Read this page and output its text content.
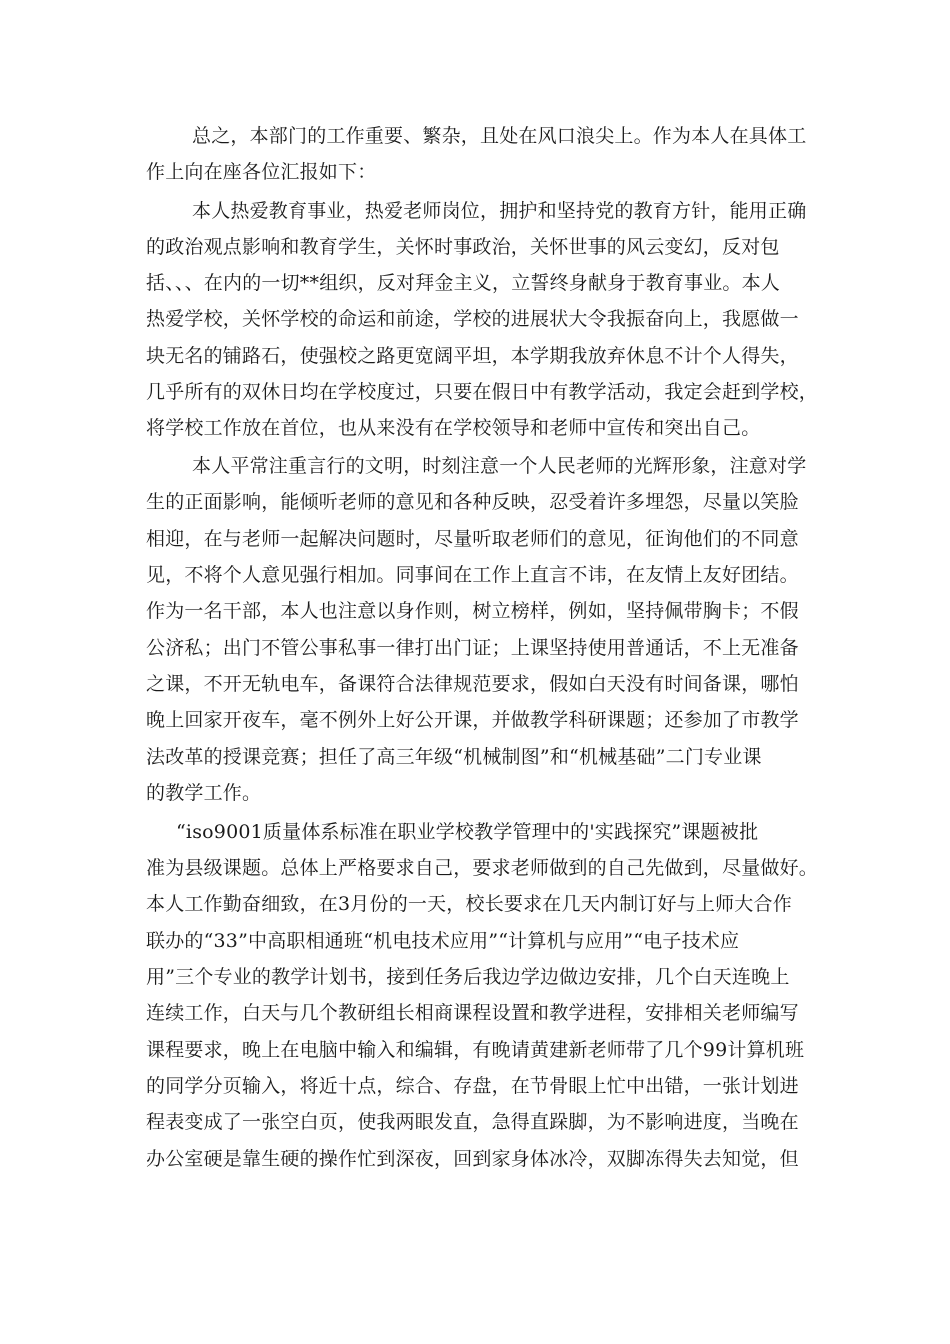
总之，本部门的工作重要、繁杂，且处在风口浪尖上。作为本人在具体工
作上向在座各位汇报如下：
本人热爱教育事业，热爱老师岗位，拥护和坚持党的教育方针，能用正确
的政治观点影响和教育学生，关怀时事政治，关怀世事的风云变幻，反对包
括、、、在内的一切**组织，反对拜金主义，立誓终身献身于教育事业。本人
热爱学校，关怀学校的命运和前途，学校的进展状大令我振奋向上，我愿做一
块无名的铺路石，使强校之路更宽阔平坦，本学期我放弃休息不计个人得失，
几乎所有的双休日均在学校度过，只要在假日中有教学活动，我定会赶到学校，
将学校工作放在首位，也从来没有在学校领导和老师中宣传和突出自己。
本人平常注重言行的文明，时刻注意一个人民老师的光辉形象，注意对学
生的正面影响，能倾听老师的意见和各种反映，忍受着许多埋怨，尽量以笑脸
相迎，在与老师一起解决问题时，尽量听取老师们的意见，征询他们的不同意
见，不将个人意见强行相加。同事间在工作上直言不讳，在友情上友好团结。
作为一名干部，本人也注意以身作则，树立榜样，例如，坚持佩带胸卡；不假
公济私；出门不管公事私事一律打出门证；上课坚持使用普通话，不上无准备
之课，不开无轨电车，备课符合法律规范要求，假如白天没有时间备课，哪怕
晚上回家开夜车，毫不例外上好公开课，并做教学科研课题；还参加了市教学
法改革的授课竞赛；担任了高三年级“机械制图”和“机械基础”二门专业课
的教学工作。
“iso9001质量体系标准在职业学校教学管理中的'实践探究”课题被批
准为县级课题。总体上严格要求自己，要求老师做到的自己先做到，尽量做好。
本人工作勤奋细致，在3月份的一天，校长要求在几天内制订好与上师大合作
联办的“33”中高职相通班“机电技术应用”“计算机与应用”“电子技术应
用”三个专业的教学计划书，接到任务后我边学边做边安排，几个白天连晚上
连续工作，白天与几个教研组长相商课程设置和教学进程，安排相关老师编写
课程要求，晚上在电脑中输入和编辑，有晚请黄建新老师带了几个99计算机班
的同学分页输入，将近十点，综合、存盘，在节骨眼上忙中出错，一张计划进
程表变成了一张空白页，使我两眼发直，急得直跺脚，为不影响进度，当晚在
办公室硬是靠生硬的操作忙到深夜，回到家身体冰冷，双脚冻得失去知觉，但
